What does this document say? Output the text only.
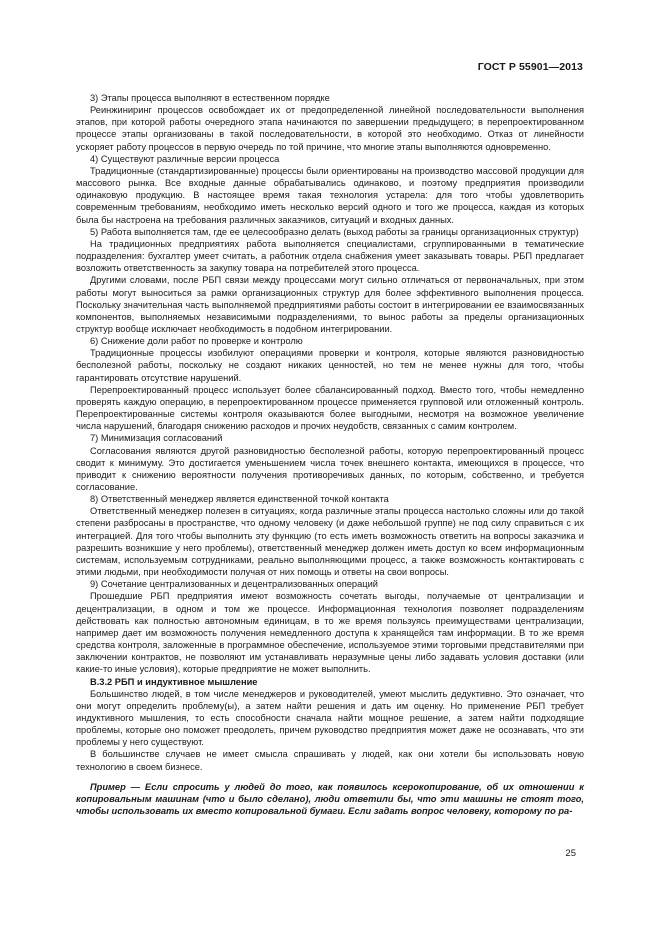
ГОСТ Р 55901—2013

3) Этапы процесса выполняют в естественном порядке

Реинжиниринг процессов освобождает их от предопределенной линейной последовательности выполнения этапов, при которой работы очередного этапа начинаются по завершении предыдущего; в перепроектированном процессе этапы организованы в такой последовательности, в которой это необходимо. Отказ от линейности ускоряет работу процессов в первую очередь по той причине, что многие этапы выполняются одновременно.

4) Существуют различные версии процесса

Традиционные (стандартизированные) процессы были ориентированы на производство массовой продукции для массового рынка. Все входные данные обрабатывались одинаково, и поэтому предприятия производили одинаковую продукцию. В настоящее время такая технология устарела: для того чтобы удовлетворить современным требованиям, необходимо иметь несколько версий одного и того же процесса, каждая из которых была бы настроена на требования различных заказчиков, ситуаций и входных данных.

5) Работа выполняется там, где ее целесообразно делать (выход работы за границы организационных структур)

На традиционных предприятиях работа выполняется специалистами, сгруппированными в тематические подразделения: бухгалтер умеет считать, а работник отдела снабжения умеет заказывать товары. РБП предлагает возложить ответственность за закупку товара на потребителей этого процесса.

Другими словами, после РБП связи между процессами могут сильно отличаться от первоначальных, при этом работы могут выноситься за рамки организационных структур для более эффективного выполнения процесса. Поскольку значительная часть выполняемой предприятиями работы состоит в интегрировании ее взаимосвязанных компонентов, выполняемых независимыми подразделениями, то вынос работы за пределы организационных структур вообще исключает необходимость в подобном интегрировании.

6) Снижение доли работ по проверке и контролю

Традиционные процессы изобилуют операциями проверки и контроля, которые являются разновидностью бесполезной работы, поскольку не создают никаких ценностей, но тем не менее нужны для того, чтобы гарантировать отсутствие нарушений.

Перепроектированный процесс использует более сбалансированный подход. Вместо того, чтобы немедленно проверять каждую операцию, в перепроектированном процессе применяется групповой или отложенный контроль. Перепроектированные системы контроля оказываются более выгодными, несмотря на возможное увеличение числа нарушений, благодаря снижению расходов и прочих неудобств, связанных с самим контролем.

7) Минимизация согласований

Согласования являются другой разновидностью бесполезной работы, которую перепроектированный процесс сводит к минимуму. Это достигается уменьшением числа точек внешнего контакта, имеющихся в процессе, что приводит к снижению вероятности получения противоречивых данных, по которым, собственно, и требуется согласование.

8) Ответственный менеджер является единственной точкой контакта

Ответственный менеджер полезен в ситуациях, когда различные этапы процесса настолько сложны или до такой степени разбросаны в пространстве, что одному человеку (и даже небольшой группе) не под силу справиться с их интеграцией. Для того чтобы выполнить эту функцию (то есть иметь возможность ответить на вопросы заказчика и разрешить возникшие у него проблемы), ответственный менеджер должен иметь доступ ко всем информационным системам, используемым сотрудниками, реально выполняющими процесс, а также возможность контактировать с этими людьми, при необходимости получая от них помощь и ответы на свои вопросы.

9) Сочетание централизованных и децентрализованных операций

Прошедшие РБП предприятия имеют возможность сочетать выгоды, получаемые от централизации и децентрализации, в одном и том же процессе. Информационная технология позволяет подразделениям действовать как полностью автономным единицам, в то же время пользуясь преимуществами централизации, например дает им возможность получения немедленного доступа к хранящейся там информации. В то же время средства контроля, заложенные в программное обеспечение, используемое этими торговыми представителями при заключении контрактов, не позволяют им устанавливать неразумные цены либо задавать условия доставки (или какие-то иные условия), которые предприятие не может выполнить.

В.3.2 РБП и индуктивное мышление

Большинство людей, в том числе менеджеров и руководителей, умеют мыслить дедуктивно. Это означает, что они могут определить проблему(ы), а затем найти решения и дать им оценку. Но применение РБП требует индуктивного мышления, то есть способности сначала найти мощное решение, а затем найти подходящие проблемы, которые оно поможет преодолеть, причем руководство предприятия может даже не осознавать, что эти проблемы у него существуют.

В большинстве случаев не имеет смысла спрашивать у людей, как они хотели бы использовать новую технологию в своем бизнесе.

Пример — Если спросить у людей до того, как появилось ксерокопирование, об их отношении к копировальным машинам (что и было сделано), люди ответили бы, что эти машины не стоят того, чтобы использовать их вместо копировальной бумаги. Если задать вопрос человеку, которому по ра-

25
